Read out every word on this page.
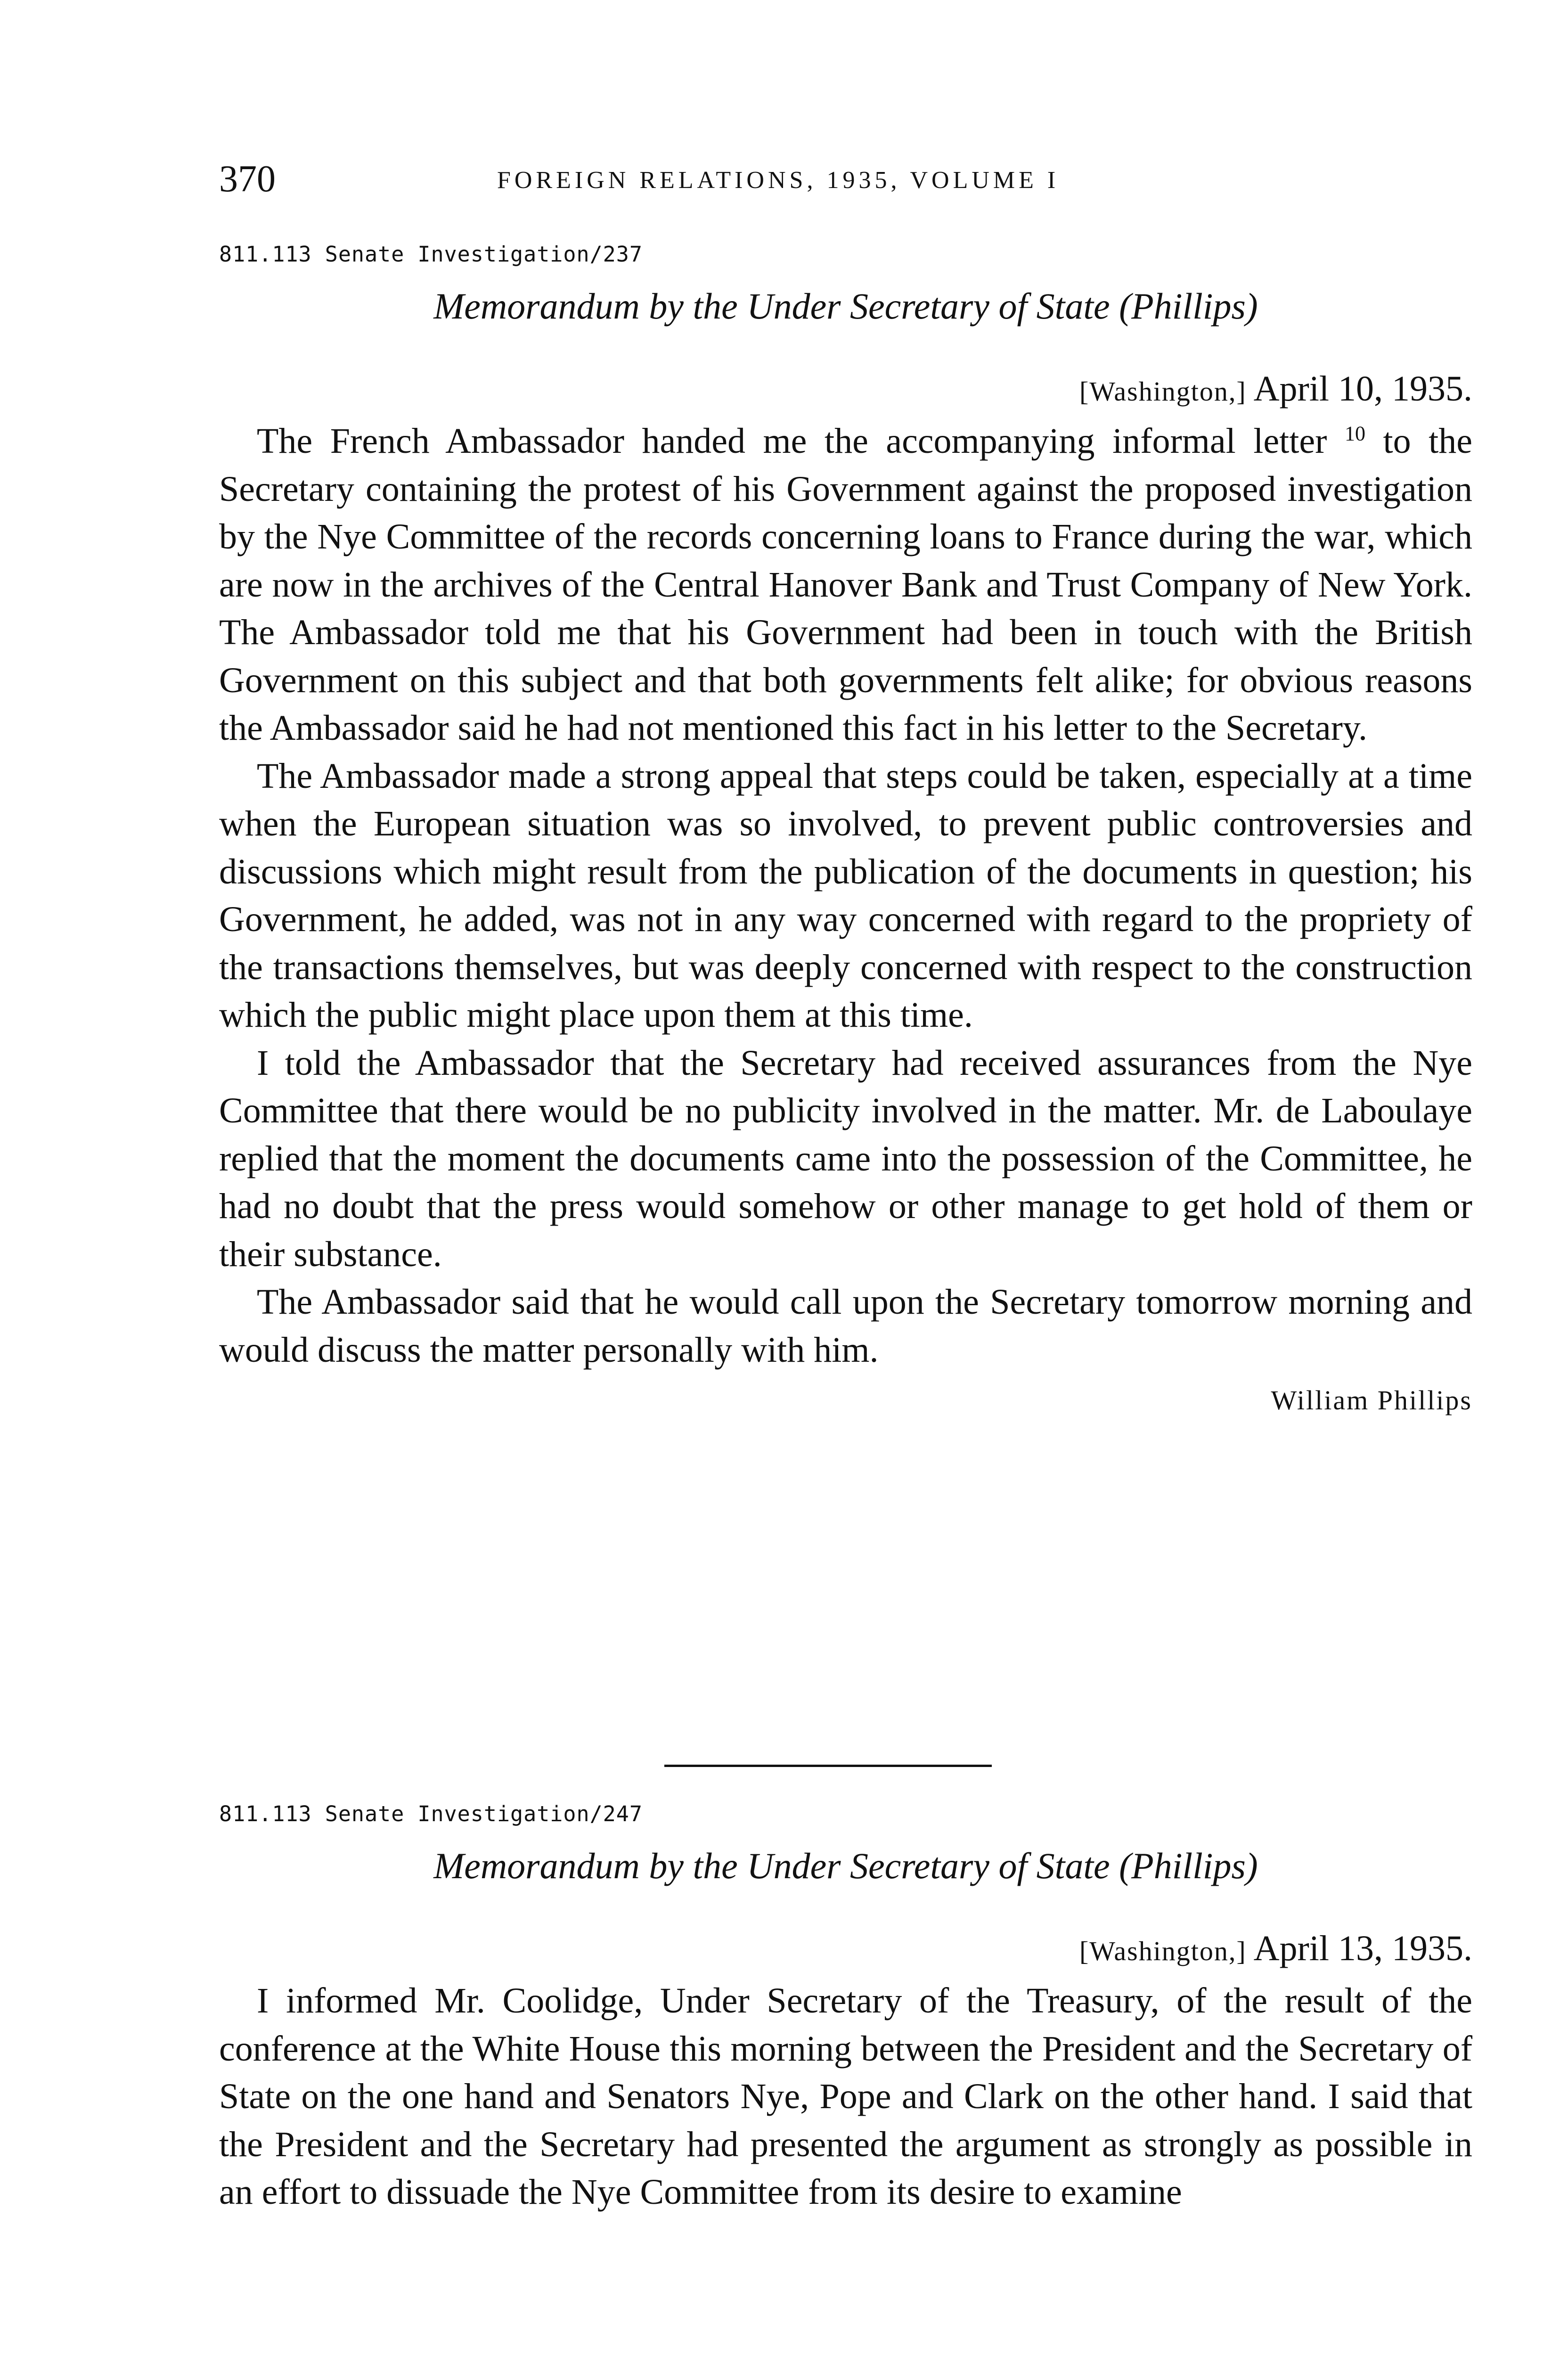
370	FOREIGN RELATIONS, 1935, VOLUME I

811.113 Senate Investigation/237

Memorandum by the Under Secretary of State (Phillips)

[Washington,] April 10, 1935.

The French Ambassador handed me the accompanying informal letter $^{10}$ to the Secretary containing the protest of his Government against the proposed investigation by the Nye Committee of the records concerning loans to France during the war, which are now in the archives of the Central Hanover Bank and Trust Company of New York. The Ambassador told me that his Government had been in touch with the British Government on this subject and that both governments felt alike; for obvious reasons the Ambassador said he had not mentioned this fact in his letter to the Secretary.

The Ambassador made a strong appeal that steps could be taken, especially at a time when the European situation was so involved, to prevent public controversies and discussions which might result from the publication of the documents in question; his Government, he added, was not in any way concerned with regard to the propriety of the transactions themselves, but was deeply concerned with respect to the construction which the public might place upon them at this time.

I told the Ambassador that the Secretary had received assurances from the Nye Committee that there would be no publicity involved in the matter. Mr. de Laboulaye replied that the moment the documents came into the possession of the Committee, he had no doubt that the press would somehow or other manage to get hold of them or their substance.

The Ambassador said that he would call upon the Secretary tomorrow morning and would discuss the matter personally with him.

William Phillips

811.113 Senate Investigation/247

Memorandum by the Under Secretary of State (Phillips)

[Washington,] April 13, 1935.

I informed Mr. Coolidge, Under Secretary of the Treasury, of the result of the conference at the White House this morning between the President and the Secretary of State on the one hand and Senators Nye, Pope and Clark on the other hand. I said that the President and the Secretary had presented the argument as strongly as possible in an effort to dissuade the Nye Committee from its desire to examine
